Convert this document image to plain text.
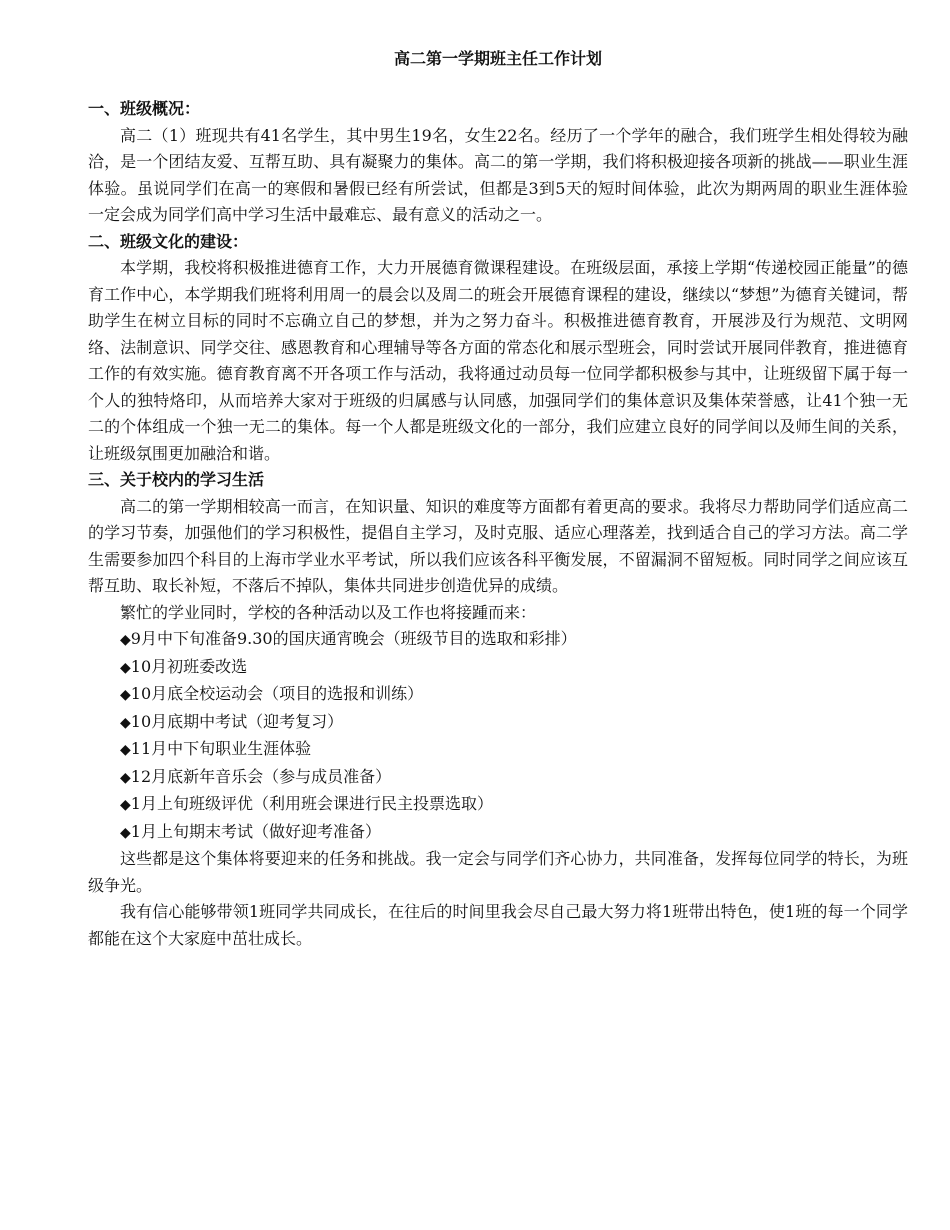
高二第一学期班主任工作计划

一、班级概况：

高二（1）班现共有41名学生，其中男生19名，女生22名。经历了一个学年的融合，我们班学生相处得较为融洽，是一个团结友爱、互帮互助、具有凝聚力的集体。高二的第一学期，我们将积极迎接各项新的挑战——职业生涯体验。虽说同学们在高一的寒假和暑假已经有所尝试，但都是3到5天的短时间体验，此次为期两周的职业生涯体验一定会成为同学们高中学习生活中最难忘、最有意义的活动之一。

二、班级文化的建设：

本学期，我校将积极推进德育工作，大力开展德育微课程建设。在班级层面，承接上学期“传递校园正能量”的德育工作中心，本学期我们班将利用周一的晨会以及周二的班会开展德育课程的建设，继续以“梦想”为德育关键词，帮助学生在树立目标的同时不忘确立自己的梦想，并为之努力奋斗。积极推进德育教育，开展涉及行为规范、文明网络、法制意识、同学交往、感恩教育和心理辅导等各方面的常态化和展示型班会，同时尝试开展同伴教育，推进德育工作的有效实施。德育教育离不开各项工作与活动，我将通过动员每一位同学都积极参与其中，让班级留下属于每一个人的独特烙印，从而培养大家对于班级的归属感与认同感，加强同学们的集体意识及集体荣誉感，让41个独一无二的个体组成一个独一无二的集体。每一个人都是班级文化的一部分，我们应建立良好的同学间以及师生间的关系，让班级氛围更加融洽和谐。

三、关于校内的学习生活

高二的第一学期相较高一而言，在知识量、知识的难度等方面都有着更高的要求。我将尽力帮助同学们适应高二的学习节奏，加强他们的学习积极性，提倡自主学习，及时克服、适应心理落差，找到适合自己的学习方法。高二学生需要参加四个科目的上海市学业水平考试，所以我们应该各科平衡发展，不留漏洞不留短板。同时同学之间应该互帮互助、取长补短，不落后不掉队，集体共同进步创造优异的成绩。

繁忙的学业同时，学校的各种活动以及工作也将接踵而来：

◆9月中下旬准备9.30的国庆通宵晚会（班级节目的选取和彩排）
◆10月初班委改选
◆10月底全校运动会（项目的选报和训练）
◆10月底期中考试（迎考复习）
◆11月中下旬职业生涯体验
◆12月底新年音乐会（参与成员准备）
◆1月上旬班级评优（利用班会课进行民主投票选取）
◆1月上旬期末考试（做好迎考准备）

这些都是这个集体将要迎来的任务和挑战。我一定会与同学们齐心协力，共同准备，发挥每位同学的特长，为班级争光。

我有信心能够带领1班同学共同成长，在往后的时间里我会尽自己最大努力将1班带出特色，使1班的每一个同学都能在这个大家庭中茁壮成长。
